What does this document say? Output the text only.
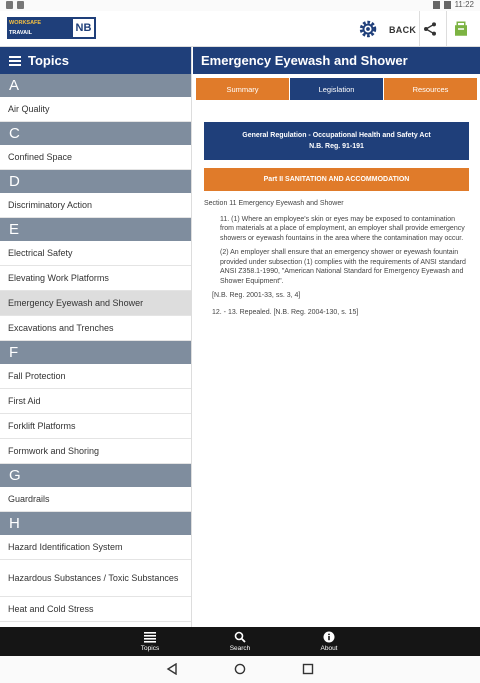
11:22
WORKSAFE
TRAVAIL SÉCURITAIRE
NB	BACK
Topics
A
Air Quality
C
Confined Space
D
Discriminatory Action
E
Electrical Safety
Elevating Work Platforms
Emergency Eyewash and Shower
Excavations and Trenches
F
Fall Protection
First Aid
Forklift Platforms
Formwork and Shoring
G
Guardrails
H
Hazard Identification System
Hazardous Substances / Toxic Substances
Heat and Cold Stress
Emergency Eyewash and Shower
Summary	Legislation	Resources
General Regulation - Occupational Health and Safety Act
N.B. Reg. 91-191
Part II SANITATION AND ACCOMMODATION
Section 11 Emergency Eyewash and Shower
11. (1) Where an employee's skin or eyes may be exposed to contamination from materials at a place of employment, an employer shall provide emergency showers or eyewash fountains in the area where the contamination may occur.
(2) An employer shall ensure that an emergency shower or eyewash fountain provided under subsection (1) complies with the requirements of ANSI standard ANSI Z358.1-1990, "American National Standard for Emergency Eyewash and Shower Equipment".
[N.B. Reg. 2001-33, ss. 3, 4]
12. - 13. Repealed. [N.B. Reg. 2004-130, s. 15]
Topics	Search	About
